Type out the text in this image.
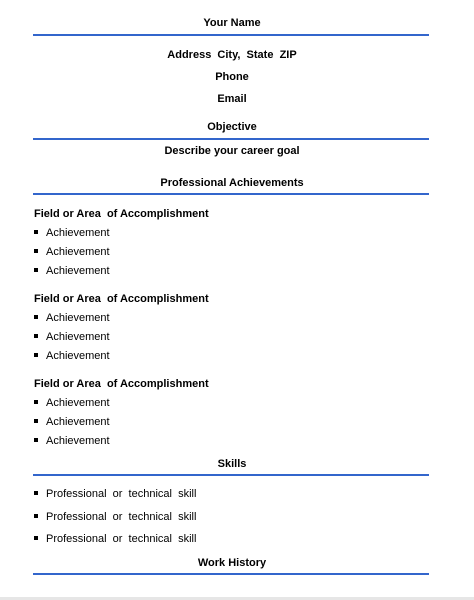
Your Name
Address  City,  State  ZIP
Phone
Email
Objective
Describe your career goal
Professional Achievements
Field or Area  of Accomplishment
Achievement
Achievement
Achievement
Field or Area  of Accomplishment
Achievement
Achievement
Achievement
Field or Area  of Accomplishment
Achievement
Achievement
Achievement
Skills
Professional  or  technical  skill
Professional  or  technical  skill
Professional  or  technical  skill
Work History
